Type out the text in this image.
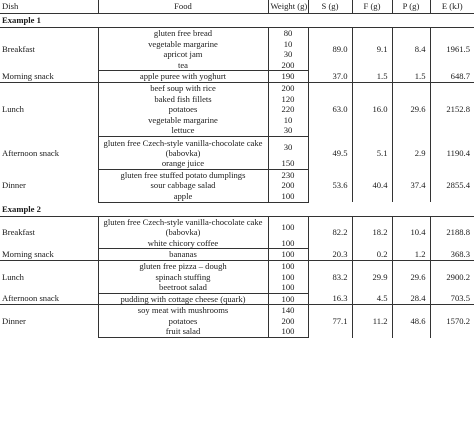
Dish	Food	Weight (g)	S (g)	F (g)	P (g)	E (kJ)
Example 1						
Breakfast	gluten free bread	80	89.0	9.1	8.4	1961.5
	vegetable margarine	10				
	apricot jam	30				
	tea	200				
Morning snack	apple puree with yoghurt	190	37.0	1.5	1.5	648.7
Lunch	beef soup with rice	200	63.0	16.0	29.6	2152.8
	baked fish fillets	120				
	potatoes	220				
	vegetable margarine	10				
	lettuce	30				
Afternoon snack	gluten free Czech-style vanilla-chocolate cake (babovka)	30	49.5	5.1	2.9	1190.4
	orange juice	150				
Dinner	gluten free stuffed potato dumplings	230	53.6	40.4	37.4	2855.4
	sour cabbage salad	200				
	apple	100				
Example 2						
Breakfast	gluten free Czech-style vanilla-chocolate cake (babovka)	100	82.2	18.2	10.4	2188.8
	white chicory coffee	100				
Morning snack	bananas	100	20.3	0.2	1.2	368.3
Lunch	gluten free pizza – dough	100	83.2	29.9	29.6	2900.2
	spinach stuffing	100				
	beetroot salad	100				
Afternoon snack	pudding with cottage cheese (quark)	100	16.3	4.5	28.4	703.5
Dinner	soy meat with mushrooms	140	77.1	11.2	48.6	1570.2
	potatoes	200				
	fruit salad	100				
